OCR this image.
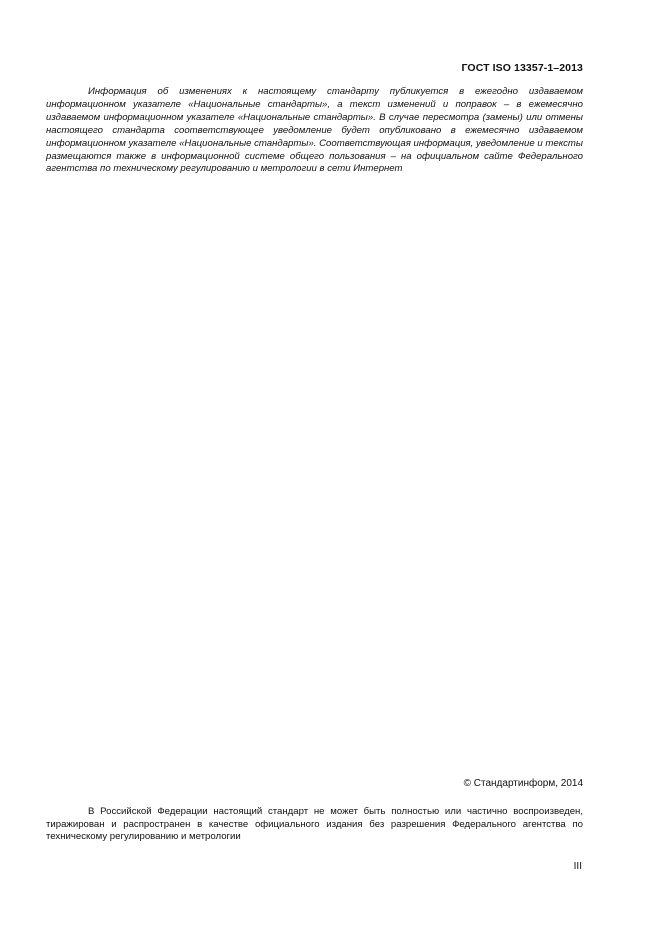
ГОСТ ISO 13357-1–2013

Информация об изменениях к настоящему стандарту публикуется в ежегодно издаваемом информационном указателе «Национальные стандарты», а текст изменений и поправок – в ежемесячно издаваемом информационном указателе «Национальные стандарты». В случае пересмотра (замены) или отмены настоящего стандарта соответствующее уведомление будет опубликовано в ежемесячно издаваемом информационном указателе «Национальные стандарты». Соответствующая информация, уведомление и тексты размещаются также в информационной системе общего пользования – на официальном сайте Федерального агентства по техническому регулированию и метрологии в сети Интернет

© Стандартинформ, 2014

В Российской Федерации настоящий стандарт не может быть полностью или частично воспроизведен, тиражирован и распространен в качестве официального издания без разрешения Федерального агентства по техническому регулированию и метрологии

III
